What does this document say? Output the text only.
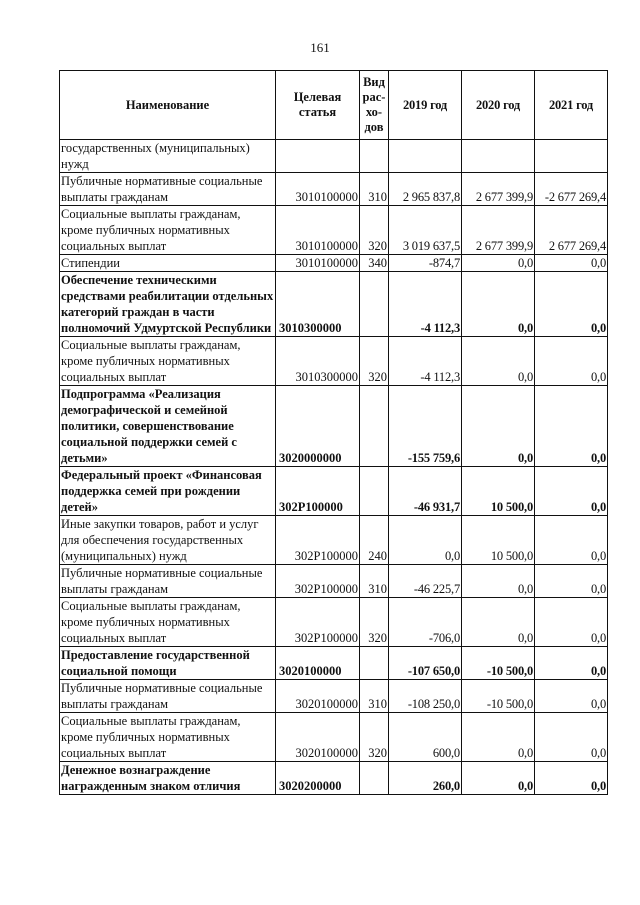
161
Наименование	Целевая статья	Вид рас-хо-дов	2019 год	2020 год	2021 год
государственных (муниципальных) нужд					
Публичные нормативные социальные выплаты гражданам	3010100000	310	2 965 837,8	2 677 399,9	-2 677 269,4
Социальные выплаты гражданам, кроме публичных нормативных социальных выплат	3010100000	320	3 019 637,5	2 677 399,9	2 677 269,4
Стипендии	3010100000	340	-874,7	0,0	0,0
Обеспечение техническими средствами реабилитации отдельных категорий граждан в части полномочий Удмуртской Республики	3010300000		-4 112,3	0,0	0,0
Социальные выплаты гражданам, кроме публичных нормативных социальных выплат	3010300000	320	-4 112,3	0,0	0,0
Подпрограмма «Реализация демографической и семейной политики, совершенствование социальной поддержки семей с детьми»	3020000000		-155 759,6	0,0	0,0
Федеральный проект «Финансовая поддержка семей при рождении детей»	302P100000		-46 931,7	10 500,0	0,0
Иные закупки товаров, работ и услуг для обеспечения государственных (муниципальных) нужд	302P100000	240	0,0	10 500,0	0,0
Публичные нормативные социальные выплаты гражданам	302P100000	310	-46 225,7	0,0	0,0
Социальные выплаты гражданам, кроме публичных нормативных социальных выплат	302P100000	320	-706,0	0,0	0,0
Предоставление государственной социальной помощи	3020100000		-107 650,0	-10 500,0	0,0
Публичные нормативные социальные выплаты гражданам	3020100000	310	-108 250,0	-10 500,0	0,0
Социальные выплаты гражданам, кроме публичных нормативных социальных выплат	3020100000	320	600,0	0,0	0,0
Денежное вознаграждение награжденным знаком отличия	3020200000		260,0	0,0	0,0
